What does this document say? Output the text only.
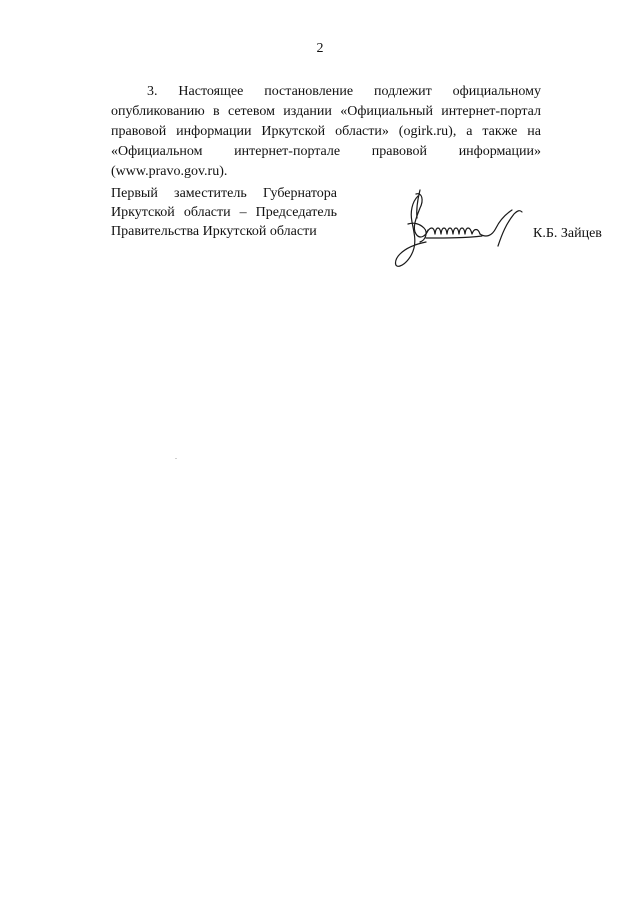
2

3. Настоящее постановление подлежит официальному опубликованию в сетевом издании «Официальный интернет-портал правовой информации Иркутской области» (ogirk.ru), а также на «Официальном интернет-портале правовой информации» (www.pravo.gov.ru).

Первый заместитель Губернатора
Иркутской области – Председатель
Правительства Иркутской области	К.Б. Зайцев
